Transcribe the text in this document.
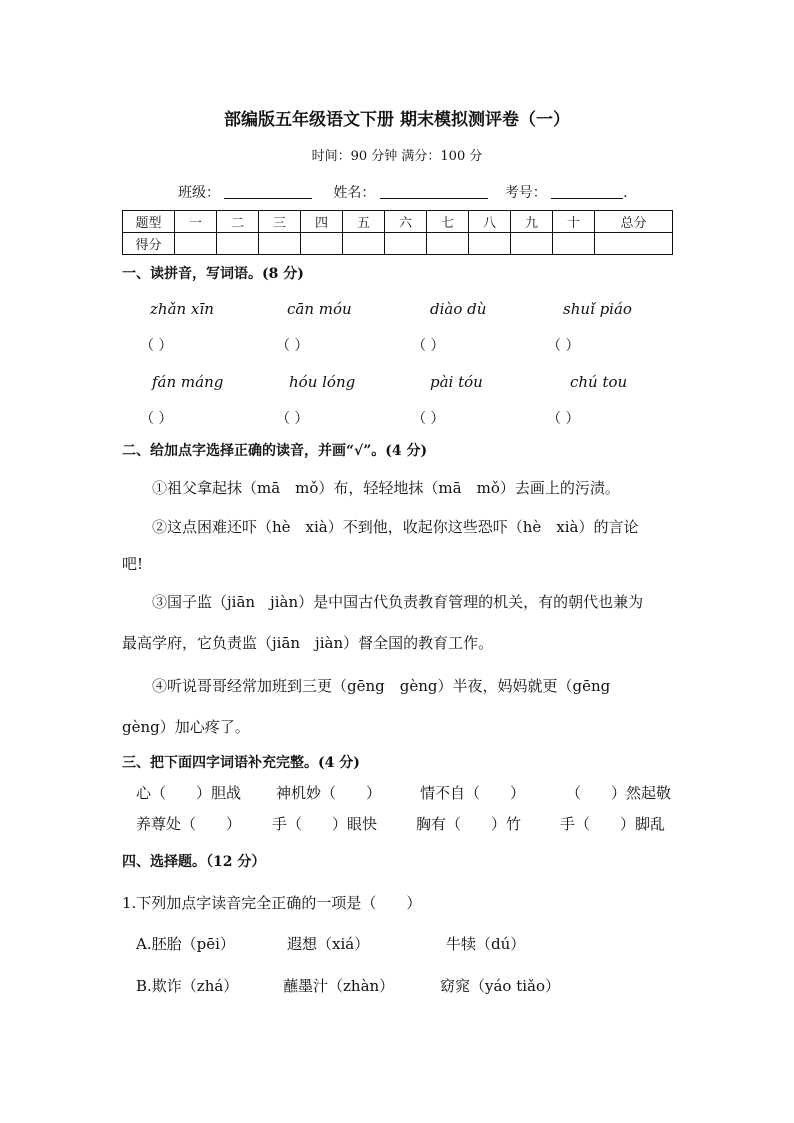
部编版五年级语文下册 期末模拟测评卷（一）
时间：90 分钟 满分：100 分
班级：	姓名：	考号：	.
题型	一	二	三	四	五	六	七	八	九	十	总分
得分											
一、读拼音，写词语。(8 分)
zhǎn xīn	cān móu	diào dù	shuǐ piáo
（ ）	（ ）	（ ）	（ ）
fán máng	hóu lóng	pài tóu	chú tou
（ ）	（ ）	（ ）	（ ）
二、给加点字选择正确的读音，并画“√”。(4 分)
①祖父拿起抹（mā　mǒ）布，轻轻地抹（mā　mǒ）去画上的污渍。
②这点困难还吓（hè　xià）不到他，收起你这些恐吓（hè　xià）的言论
吧!
③国子监（jiān　jiàn）是中国古代负责教育管理的机关，有的朝代也兼为
最高学府，它负责监（jiān　jiàn）督全国的教育工作。
④听说哥哥经常加班到三更（gēng　gèng）半夜，妈妈就更（gēng
gèng）加心疼了。
三、把下面四字词语补充完整。(4 分)
心（　　）胆战 神机妙（　　）	情不自（　　）	（　　）然起敬
养尊处（　　） 手（　　）眼快	胸有（　　）竹	手（　　）脚乱
四、选择题。（12 分）
1.下列加点字读音完全正确的一项是（　　）
A.胚胎（pēi）	遐想（xiá）	牛犊（dú）
B.欺诈（zhá）	蘸墨汁（zhàn）	窈窕（yáo tiǎo）
